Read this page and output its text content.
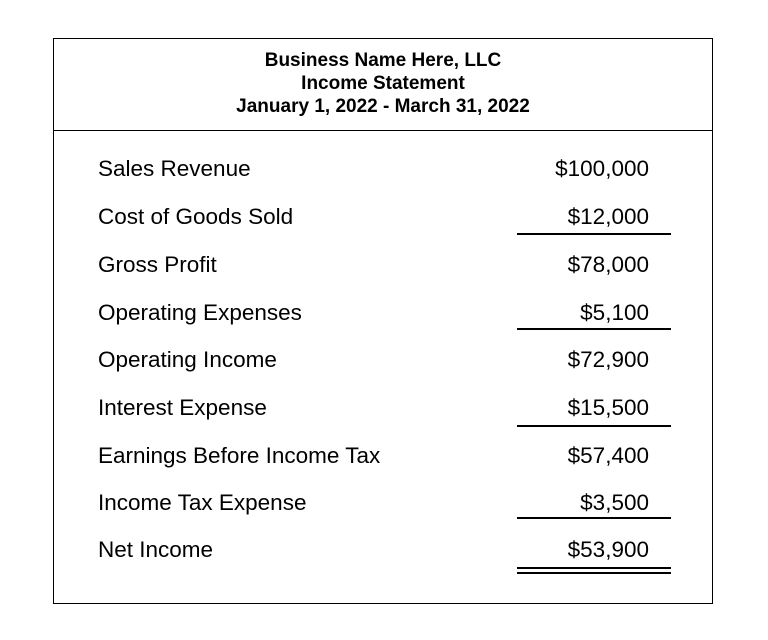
Business Name Here, LLC
Income Statement
January 1, 2022 - March 31, 2022
Sales Revenue	$100,000
Cost of Goods Sold	$12,000
Gross Profit	$78,000
Operating Expenses	$5,100
Operating Income	$72,900
Interest Expense	$15,500
Earnings Before Income Tax	$57,400
Income Tax Expense	$3,500
Net Income	$53,900
